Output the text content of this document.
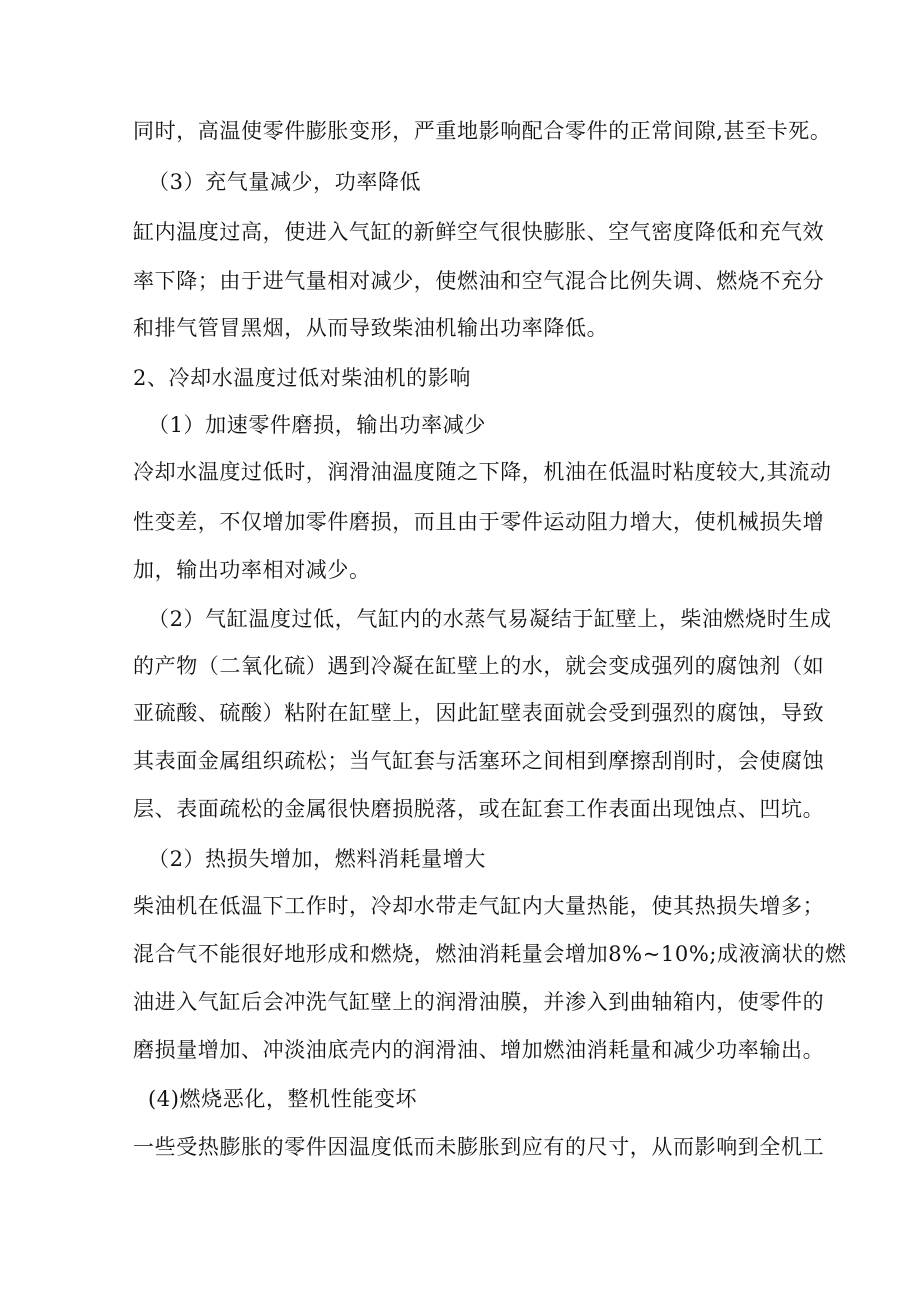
同时，高温使零件膨胀变形，严重地影响配合零件的正常间隙,甚至卡死。
（3）充气量减少，功率降低
缸内温度过高，使进入气缸的新鲜空气很快膨胀、空气密度降低和充气效
率下降；由于进气量相对减少，使燃油和空气混合比例失调、燃烧不充分
和排气管冒黑烟，从而导致柴油机输出功率降低。
2、冷却水温度过低对柴油机的影响
（1）加速零件磨损，输出功率减少
冷却水温度过低时，润滑油温度随之下降，机油在低温时粘度较大,其流动
性变差，不仅增加零件磨损，而且由于零件运动阻力增大，使机械损失增
加，输出功率相对减少。
（2）气缸温度过低，气缸内的水蒸气易凝结于缸壁上，柴油燃烧时生成
的产物（二氧化硫）遇到冷凝在缸壁上的水，就会变成强列的腐蚀剂（如
亚硫酸、硫酸）粘附在缸壁上，因此缸壁表面就会受到强烈的腐蚀，导致
其表面金属组织疏松；当气缸套与活塞环之间相到摩擦刮削时，会使腐蚀
层、表面疏松的金属很快磨损脱落，或在缸套工作表面出现蚀点、凹坑。
（2）热损失增加，燃料消耗量增大
柴油机在低温下工作时，冷却水带走气缸内大量热能，使其热损失增多；
混合气不能很好地形成和燃烧，燃油消耗量会增加8%~10%;成液滴状的燃
油进入气缸后会冲洗气缸壁上的润滑油膜，并渗入到曲轴箱内，使零件的
磨损量增加、冲淡油底壳内的润滑油、增加燃油消耗量和减少功率输出。
(4)燃烧恶化，整机性能变坏
一些受热膨胀的零件因温度低而未膨胀到应有的尺寸，从而影响到全机工
